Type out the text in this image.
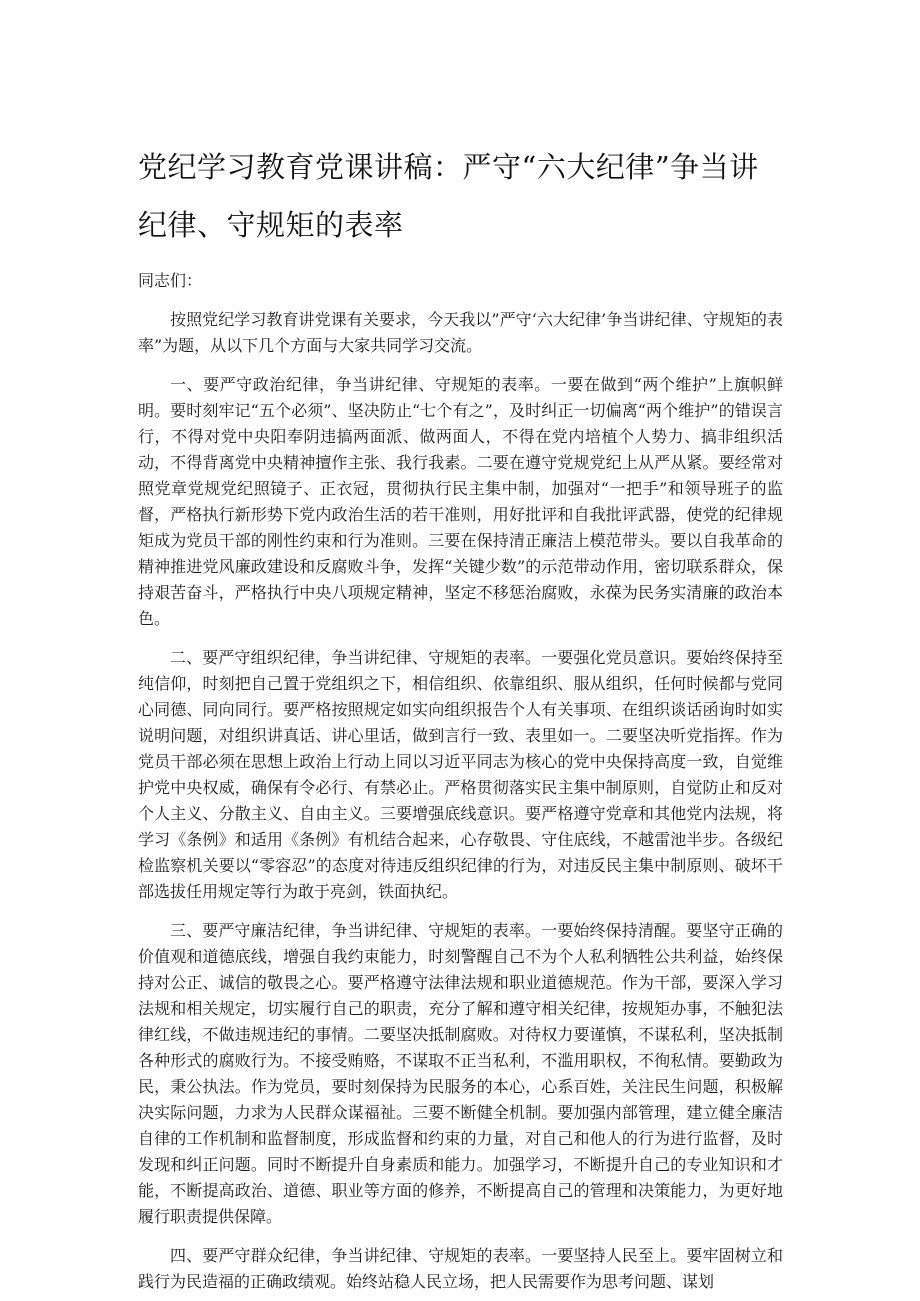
党纪学习教育党课讲稿：严守“六大纪律”争当讲纪律、守规矩的表率

同志们：

按照党纪学习教育讲党课有关要求，今天我以”严守‘六大纪律’争当讲纪律、守规矩的表率”为题，从以下几个方面与大家共同学习交流。

一、要严守政治纪律，争当讲纪律、守规矩的表率。一要在做到“两个维护”上旗帜鲜明。要时刻牢记“五个必须”、坚决防止“七个有之”，及时纠正一切偏离“两个维护”的错误言行，不得对党中央阳奉阴违搞两面派、做两面人，不得在党内培植个人势力、搞非组织活动，不得背离党中央精神擅作主张、我行我素。二要在遵守党规党纪上从严从紧。要经常对照党章党规党纪照镜子、正衣冠，贯彻执行民主集中制，加强对“一把手”和领导班子的监督，严格执行新形势下党内政治生活的若干准则，用好批评和自我批评武器，使党的纪律规矩成为党员干部的刚性约束和行为准则。三要在保持清正廉洁上模范带头。要以自我革命的精神推进党风廉政建设和反腐败斗争，发挥“关键少数”的示范带动作用，密切联系群众，保持艰苦奋斗，严格执行中央八项规定精神，坚定不移惩治腐败，永葆为民务实清廉的政治本色。

二、要严守组织纪律，争当讲纪律、守规矩的表率。一要强化党员意识。要始终保持至纯信仰，时刻把自己置于党组织之下，相信组织、依靠组织、服从组织，任何时候都与党同心同德、同向同行。要严格按照规定如实向组织报告个人有关事项、在组织谈话函询时如实说明问题，对组织讲真话、讲心里话，做到言行一致、表里如一。二要坚决听党指挥。作为党员干部必须在思想上政治上行动上同以习近平同志为核心的党中央保持高度一致，自觉维护党中央权威，确保有令必行、有禁必止。严格贯彻落实民主集中制原则，自觉防止和反对个人主义、分散主义、自由主义。三要增强底线意识。要严格遵守党章和其他党内法规，将学习《条例》和适用《条例》有机结合起来，心存敬畏、守住底线，不越雷池半步。各级纪检监察机关要以“零容忍”的态度对待违反组织纪律的行为，对违反民主集中制原则、破坏干部选拔任用规定等行为敢于亮剑，铁面执纪。

三、要严守廉洁纪律，争当讲纪律、守规矩的表率。一要始终保持清醒。要坚守正确的价值观和道德底线，增强自我约束能力，时刻警醒自己不为个人私利牺牲公共利益，始终保持对公正、诚信的敬畏之心。要严格遵守法律法规和职业道德规范。作为干部，要深入学习法规和相关规定，切实履行自己的职责，充分了解和遵守相关纪律，按规矩办事，不触犯法律红线，不做违规违纪的事情。二要坚决抵制腐败。对待权力要谨慎，不谋私利，坚决抵制各种形式的腐败行为。不接受贿赂，不谋取不正当私利，不滥用职权，不徇私情。要勤政为民，秉公执法。作为党员，要时刻保持为民服务的本心，心系百姓，关注民生问题，积极解决实际问题，力求为人民群众谋福祉。三要不断健全机制。要加强内部管理，建立健全廉洁自律的工作机制和监督制度，形成监督和约束的力量，对自己和他人的行为进行监督，及时发现和纠正问题。同时不断提升自身素质和能力。加强学习，不断提升自己的专业知识和才能，不断提高政治、道德、职业等方面的修养，不断提高自己的管理和决策能力，为更好地履行职责提供保障。

四、要严守群众纪律，争当讲纪律、守规矩的表率。一要坚持人民至上。要牢固树立和践行为民造福的正确政绩观。始终站稳人民立场，把人民需要作为思考问题、谋划
